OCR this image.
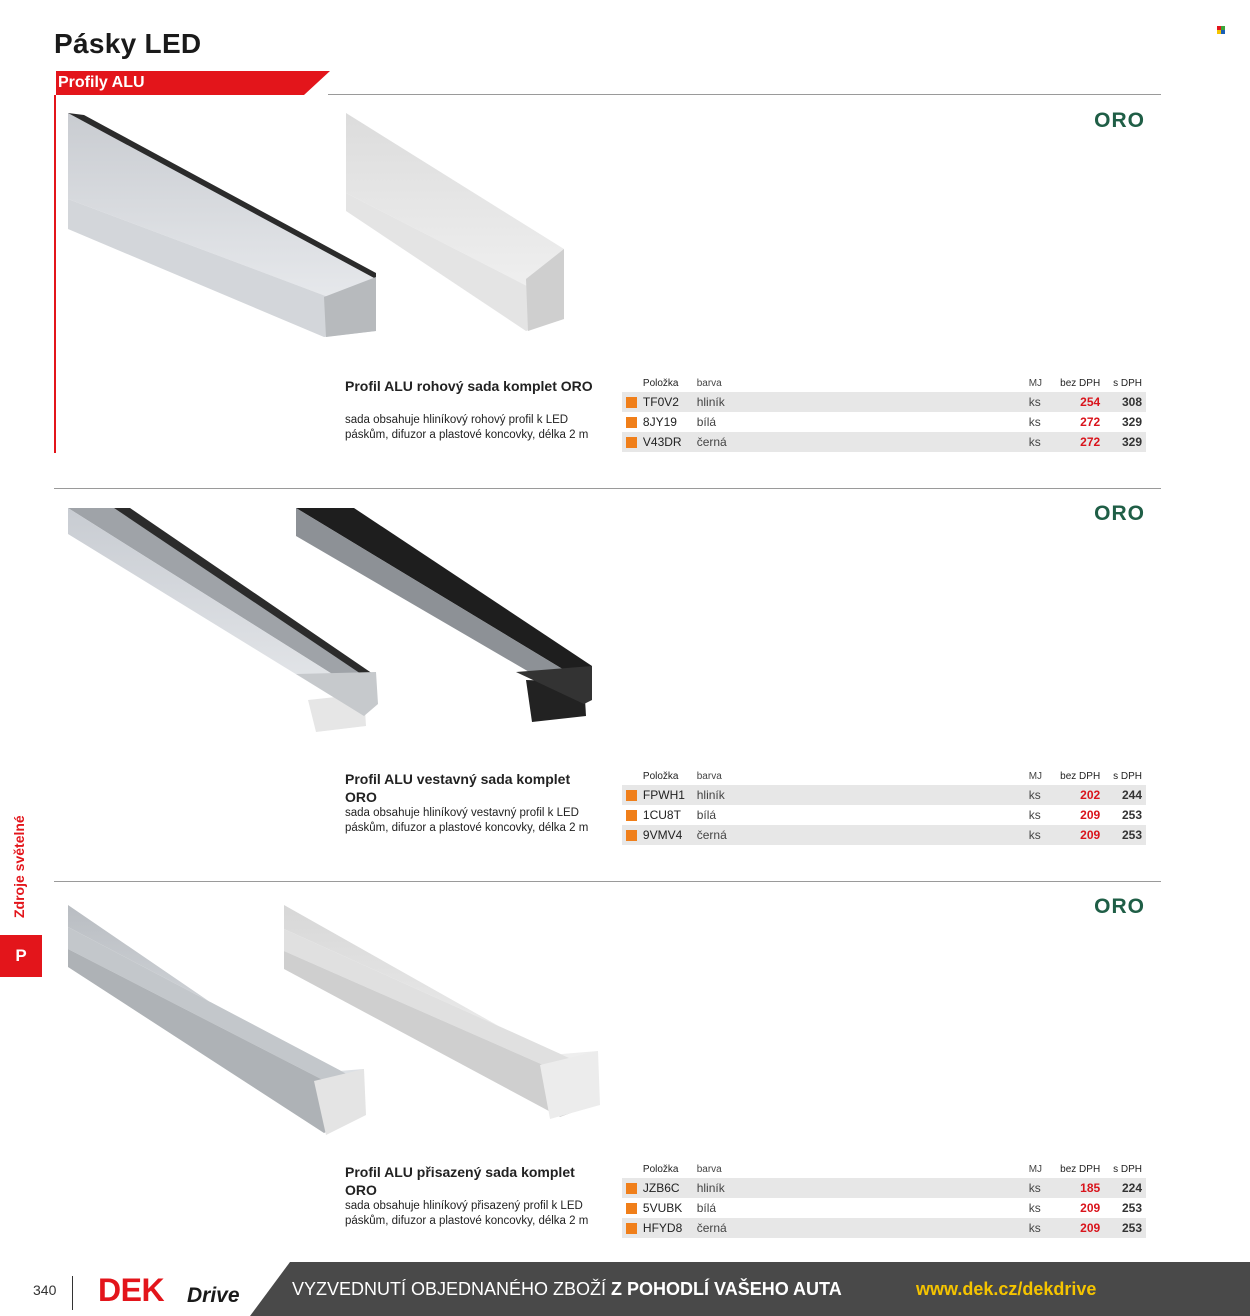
Pásky LED
Profily ALU
ORO
Profil ALU rohový sada komplet ORO
sada obsahuje hliníkový rohový profil k LED páskům, difuzor a plastové koncovky, délka 2 m
	Položka	barva	MJ	bez DPH	s DPH
	TF0V2	hliník	ks	254	308
	8JY19	bílá	ks	272	329
	V43DR	černá	ks	272	329
ORO
Profil ALU vestavný sada komplet ORO
sada obsahuje hliníkový vestavný profil k LED páskům, difuzor a plastové koncovky, délka 2 m
	Položka	barva	MJ	bez DPH	s DPH
	FPWH1	hliník	ks	202	244
	1CU8T	bílá	ks	209	253
	9VMV4	černá	ks	209	253
ORO
Profil ALU přisazený sada komplet ORO
sada obsahuje hliníkový přisazený profil k LED páskům, difuzor a plastové koncovky, délka 2 m
	Položka	barva	MJ	bez DPH	s DPH
	JZB6C	hliník	ks	185	224
	5VUBK	bílá	ks	209	253
	HFYD8	černá	ks	209	253
Zdroje světelné
P
340 DEK Drive	VYZVEDNUTÍ OBJEDNANÉHO ZBOŽÍ Z POHODLÍ VAŠEHO AUTA	www.dek.cz/dekdrive
